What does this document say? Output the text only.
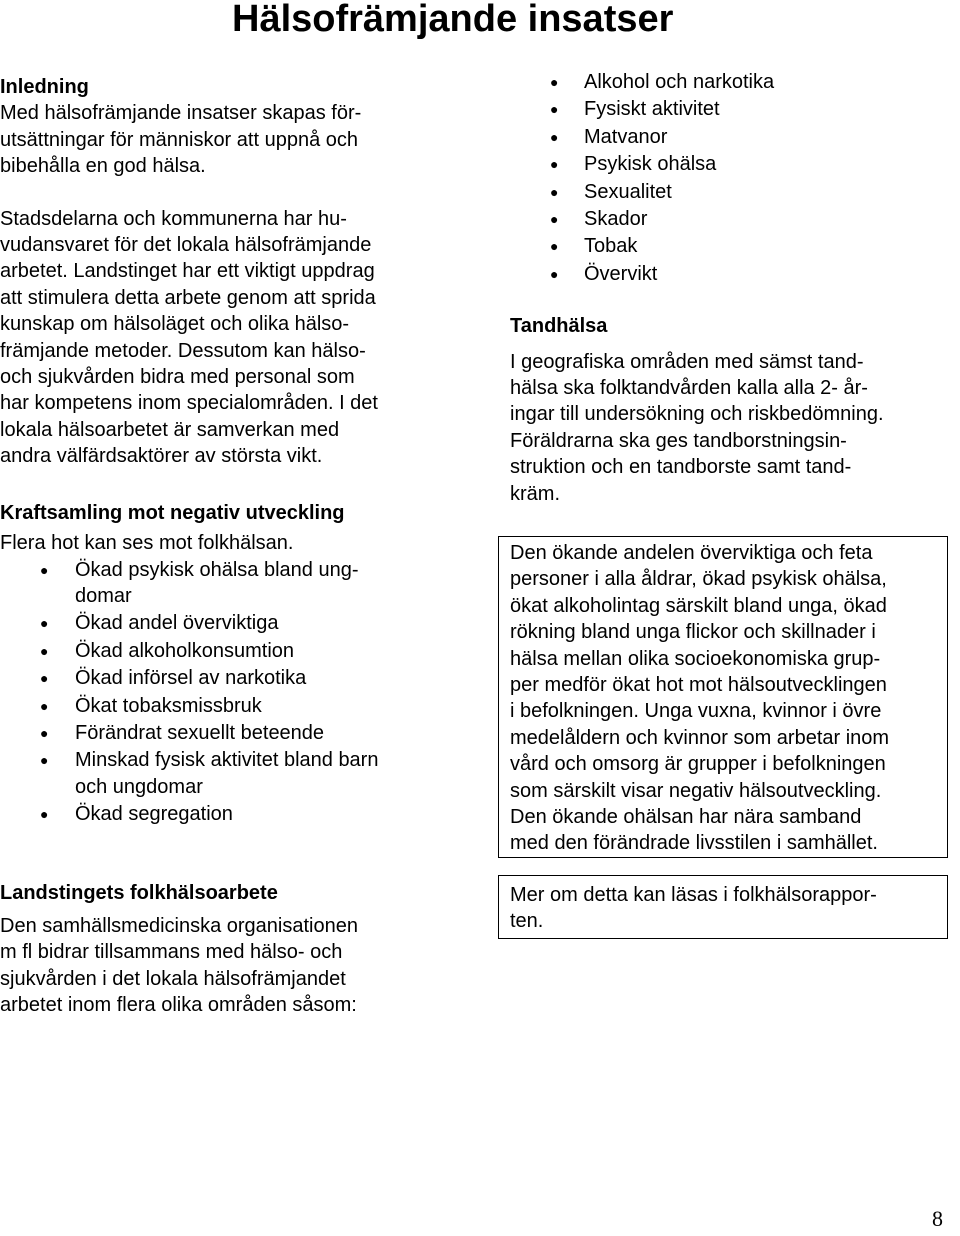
Hälsofrämjande insatser
Inledning
Med hälsofrämjande insatser skapas för-
utsättningar för människor att uppnå och
bibehålla en god hälsa.
Stadsdelarna och kommunerna har hu-
vudansvaret för det lokala hälsofrämjande
arbetet. Landstinget har ett viktigt uppdrag
att stimulera detta arbete genom att sprida
kunskap om hälsoläget och olika hälso-
främjande metoder. Dessutom kan hälso-
och sjukvården bidra med personal som
har kompetens inom specialområden. I det
lokala hälsoarbetet är samverkan med
andra välfärdsaktörer av största vikt.
Kraftsamling mot negativ utveckling
Flera hot kan ses mot folkhälsan.
● Ökad psykisk ohälsa bland ung-
domar
● Ökad andel överviktiga
● Ökad alkoholkonsumtion
● Ökad införsel av narkotika
● Ökat tobaksmissbruk
● Förändrat sexuellt beteende
● Minskad fysisk aktivitet bland barn
och ungdomar
● Ökad segregation
Landstingets folkhälsoarbete
Den samhällsmedicinska organisationen
m fl bidrar tillsammans med hälso- och
sjukvården i det lokala hälsofrämjandet
arbetet inom flera olika områden såsom:
● Alkohol och narkotika
● Fysiskt aktivitet
● Matvanor
● Psykisk ohälsa
● Sexualitet
● Skador
● Tobak
● Övervikt
Tandhälsa
I geografiska områden med sämst tand-
hälsa ska folktandvården kalla alla 2- år-
ingar till undersökning och riskbedömning.
Föräldrarna ska ges tandborstningsin-
struktion och en tandborste samt tand-
kräm.
Den ökande andelen överviktiga och feta
personer i alla åldrar, ökad psykisk ohälsa,
ökat alkoholintag särskilt bland unga, ökad
rökning bland unga flickor och skillnader i
hälsa mellan olika socioekonomiska grup-
per medför ökat hot mot hälsoutvecklingen
i befolkningen. Unga vuxna, kvinnor i övre
medelåldern och kvinnor som arbetar inom
vård och omsorg är grupper i befolkningen
som särskilt visar negativ hälsoutveckling.
Den ökande ohälsan har nära samband
med den förändrade livsstilen i samhället.
Mer om detta kan läsas i folkhälsorappor-
ten.
8
